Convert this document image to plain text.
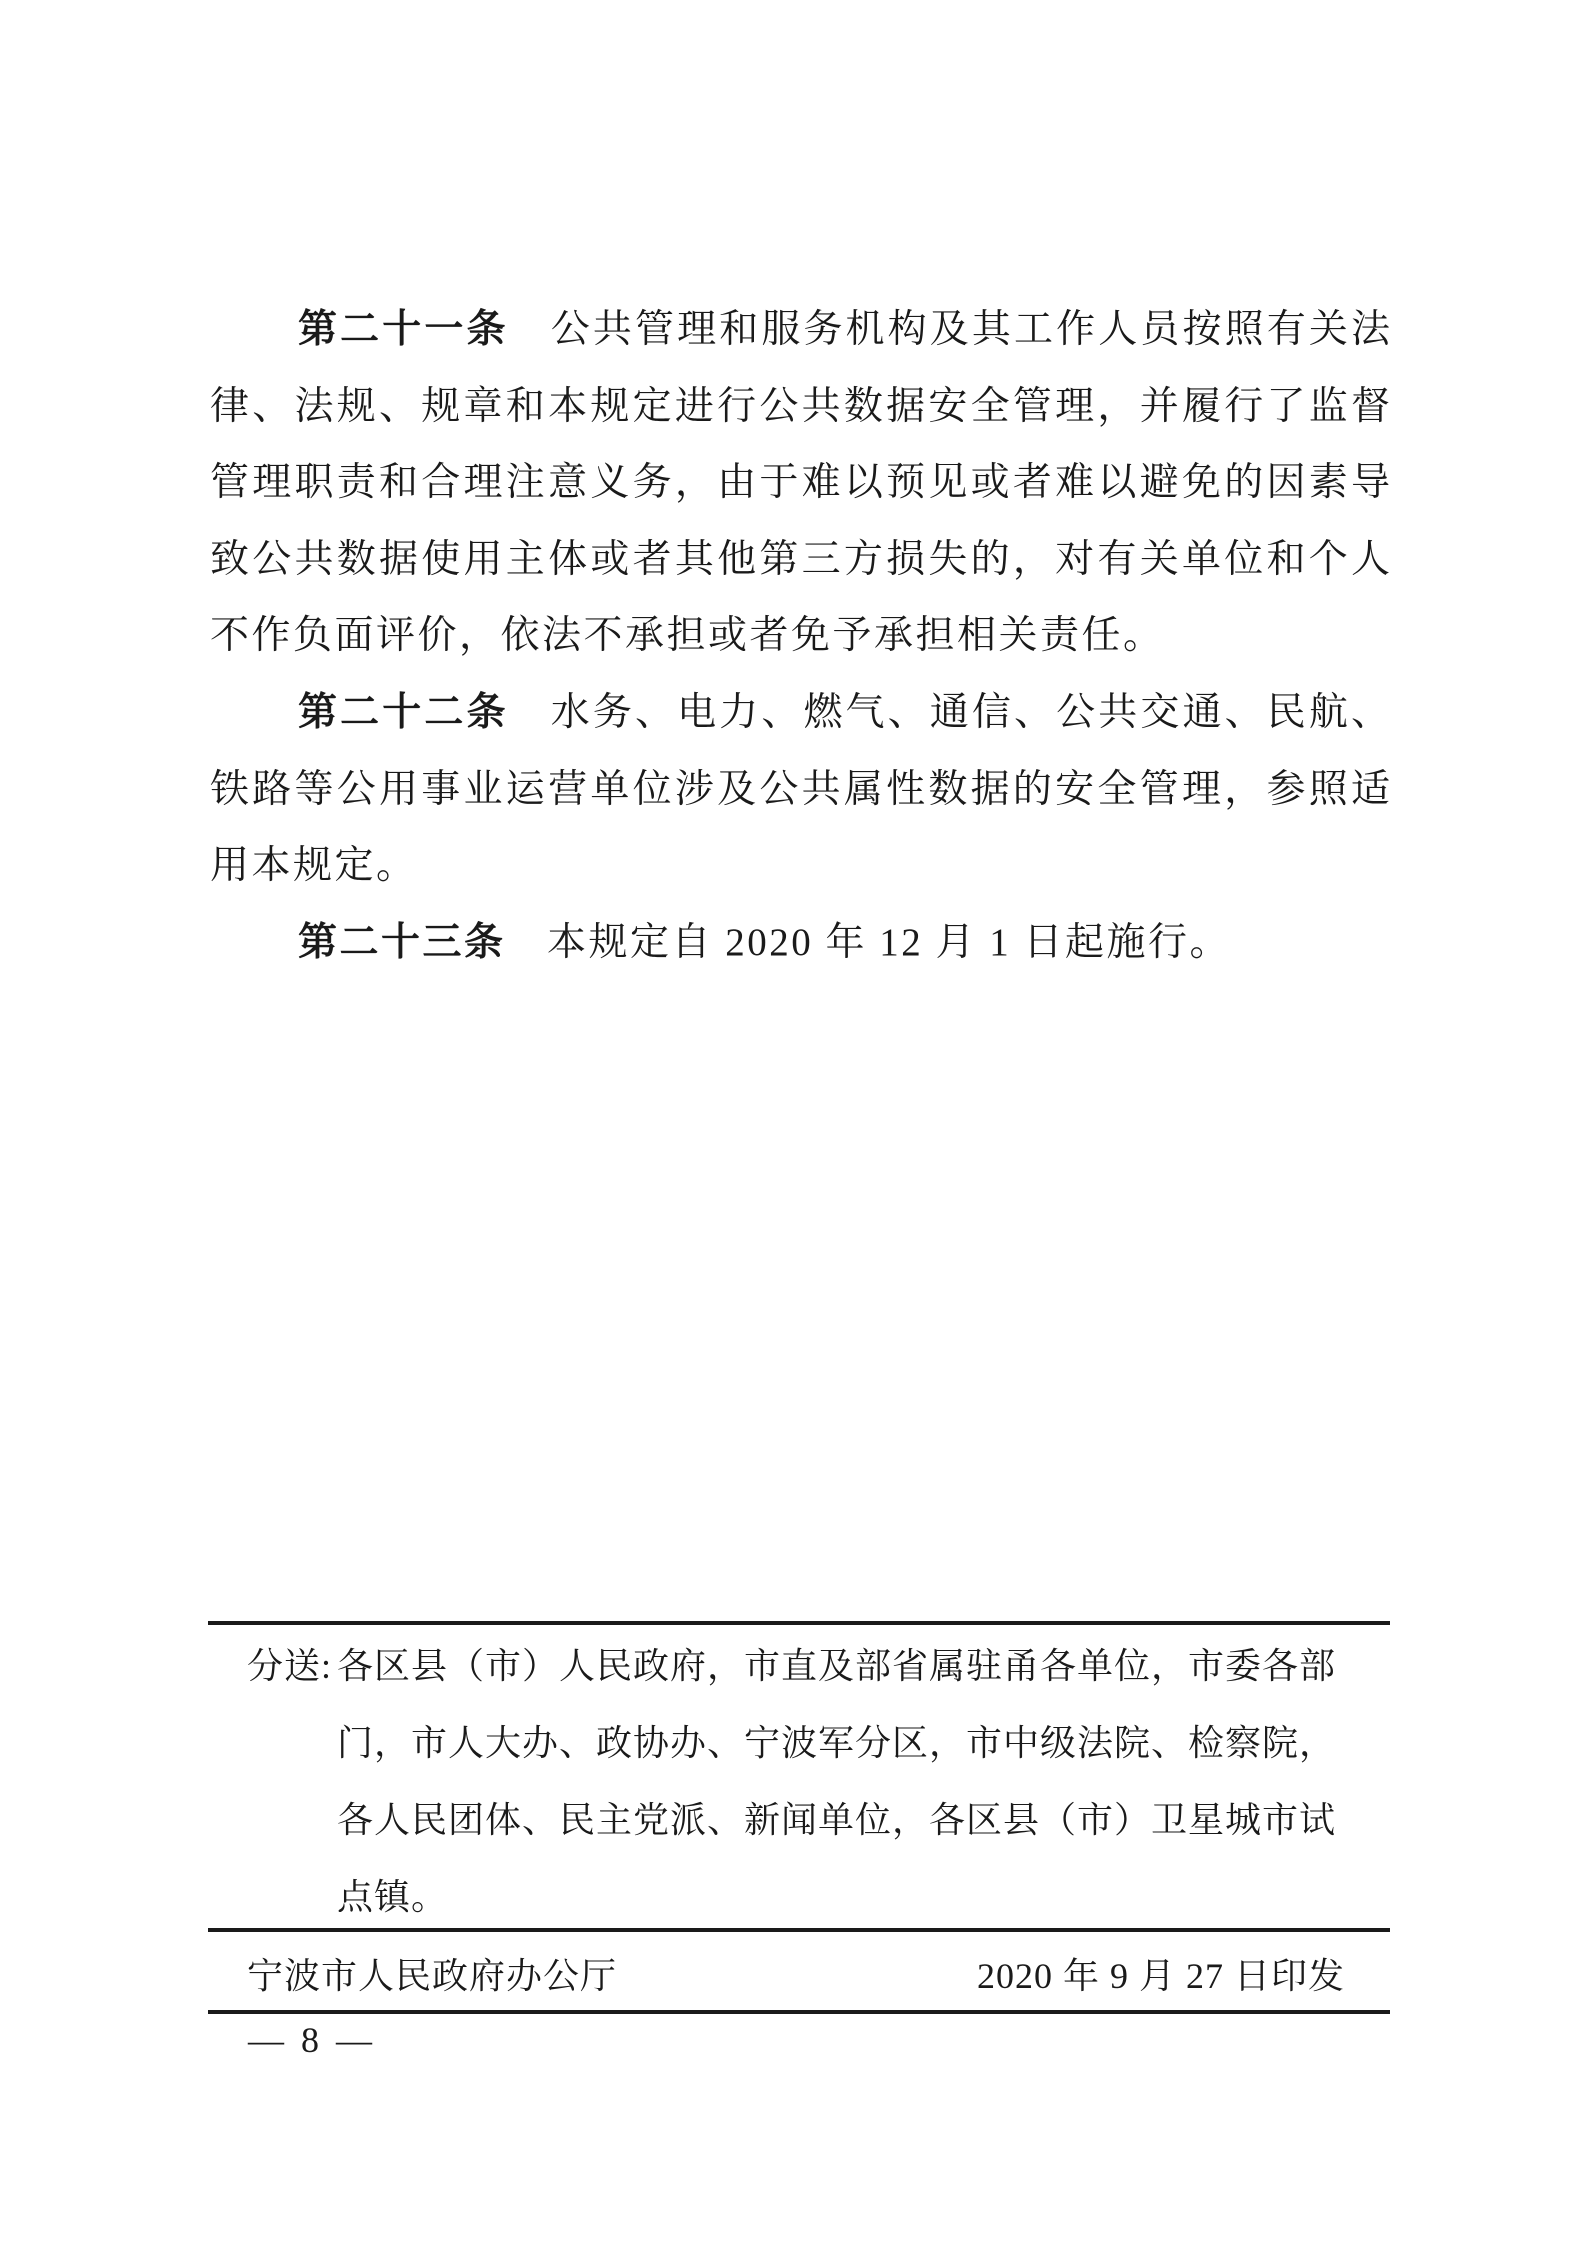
第二十一条　公共管理和服务机构及其工作人员按照有关法
律、法规、规章和本规定进行公共数据安全管理，并履行了监督
管理职责和合理注意义务，由于难以预见或者难以避免的因素导
致公共数据使用主体或者其他第三方损失的，对有关单位和个人
不作负面评价，依法不承担或者免予承担相关责任。
第二十二条　水务、电力、燃气、通信、公共交通、民航、
铁路等公用事业运营单位涉及公共属性数据的安全管理，参照适
用本规定。
第二十三条　本规定自 2020 年 12 月 1 日起施行。
分送: 各区县（市）人民政府，市直及部省属驻甬各单位，市委各部
门，市人大办、政协办、宁波军分区，市中级法院、检察院，
各人民团体、民主党派、新闻单位，各区县（市）卫星城市试
点镇。
宁波市人民政府办公厅	2020 年 9 月 27 日印发
— 8 —
